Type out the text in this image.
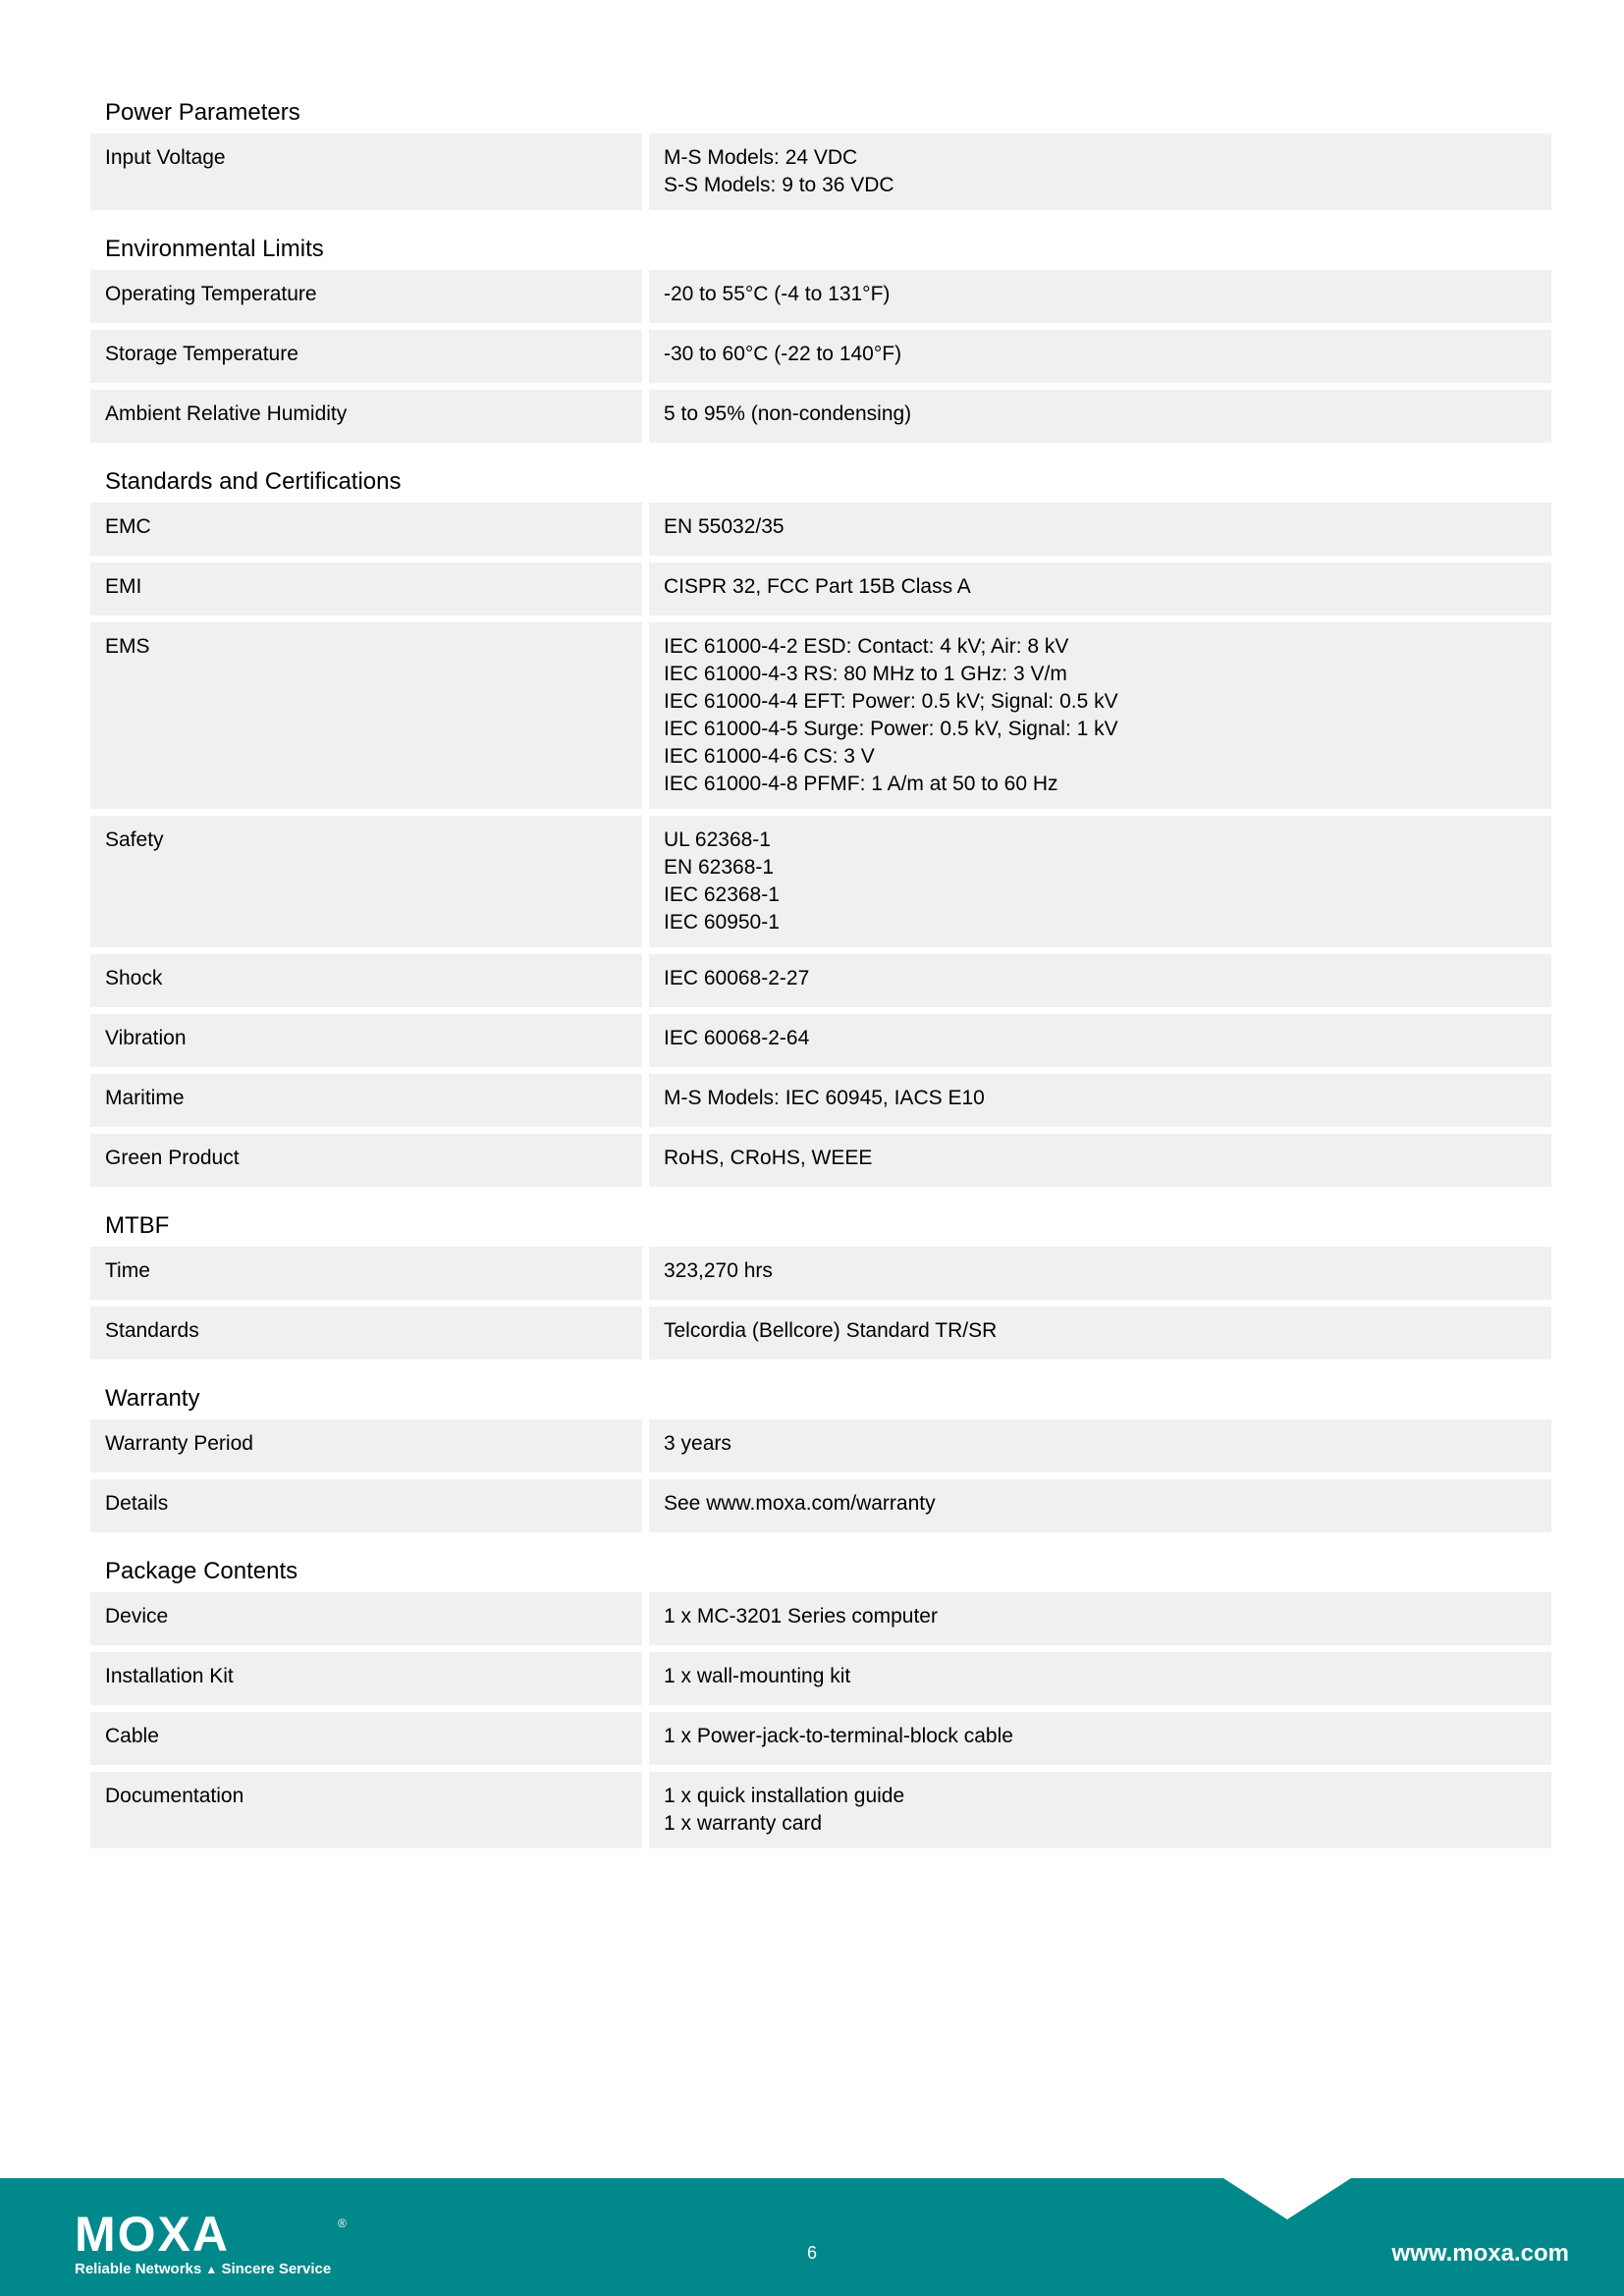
Power Parameters
Input Voltage	M-S Models: 24 VDC
S-S Models: 9 to 36 VDC
Environmental Limits
Operating Temperature	-20 to 55°C (-4 to 131°F)
Storage Temperature	-30 to 60°C (-22 to 140°F)
Ambient Relative Humidity	5 to 95% (non-condensing)
Standards and Certifications
EMC	EN 55032/35
EMI	CISPR 32, FCC Part 15B Class A
EMS	IEC 61000-4-2 ESD: Contact: 4 kV; Air: 8 kV
IEC 61000-4-3 RS: 80 MHz to 1 GHz: 3 V/m
IEC 61000-4-4 EFT: Power: 0.5 kV; Signal: 0.5 kV
IEC 61000-4-5 Surge: Power: 0.5 kV, Signal: 1 kV
IEC 61000-4-6 CS: 3 V
IEC 61000-4-8 PFMF: 1 A/m at 50 to 60 Hz
Safety	UL 62368-1
EN 62368-1
IEC 62368-1
IEC 60950-1
Shock	IEC 60068-2-27
Vibration	IEC 60068-2-64
Maritime	M-S Models: IEC 60945, IACS E10
Green Product	RoHS, CRoHS, WEEE
MTBF
Time	323,270 hrs
Standards	Telcordia (Bellcore) Standard TR/SR
Warranty
Warranty Period	3 years
Details	See www.moxa.com/warranty
Package Contents
Device	1 x MC-3201 Series computer
Installation Kit	1 x wall-mounting kit
Cable	1 x Power-jack-to-terminal-block cable
Documentation	1 x quick installation guide
1 x warranty card
MOXA	®
Reliable Networks ▲ Sincere Service
6	www.moxa.com
